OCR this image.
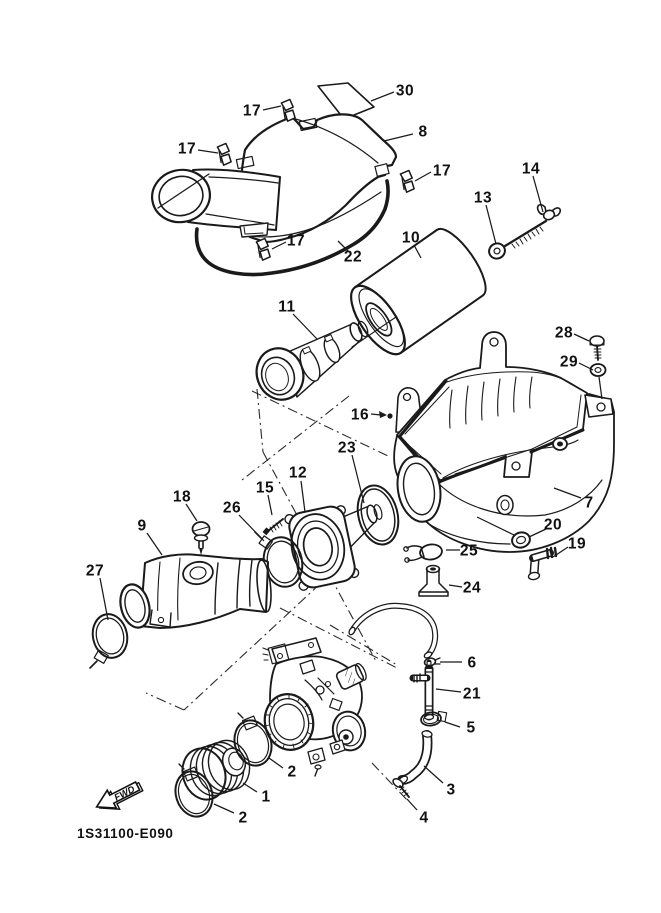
FWD
1S31100-E090
1
2
2
3
4
5
6
7
8
9
10
11
12
13
14
15
16
17
17
17
17
18
19
20
21
22
23
24
25
26
27
28
29
30
